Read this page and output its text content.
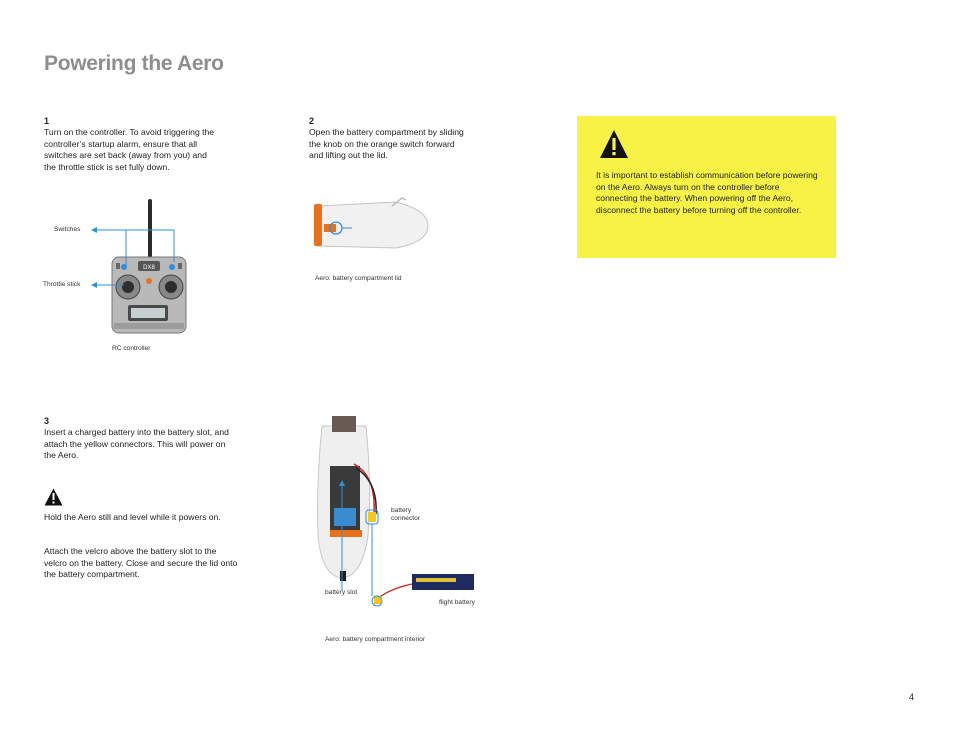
Powering the Aero
1
Turn on the controller. To avoid triggering the controller’s startup alarm, ensure that all switches are set back (away from you) and the throttle stick is set fully down.
2
Open the battery compartment by sliding the knob on the orange switch forward and lifting out the lid.
It is important to establish communication before powering on the Aero. Always turn on the controller before connecting the battery. When powering off the Aero, disconnect the battery before turning off the controller.
Switches
Throttle stick
DX8
RC controller
Aero: battery compartment lid
3
Insert a charged battery into the battery slot, and attach the yellow connectors. This will power on the Aero.
Hold the Aero still and level while it powers on.
Attach the velcro above the battery slot to the velcro on the battery. Close and secure the lid onto the battery compartment.
battery
connector
battery slot
flight battery
Aero: battery compartment interior
4
